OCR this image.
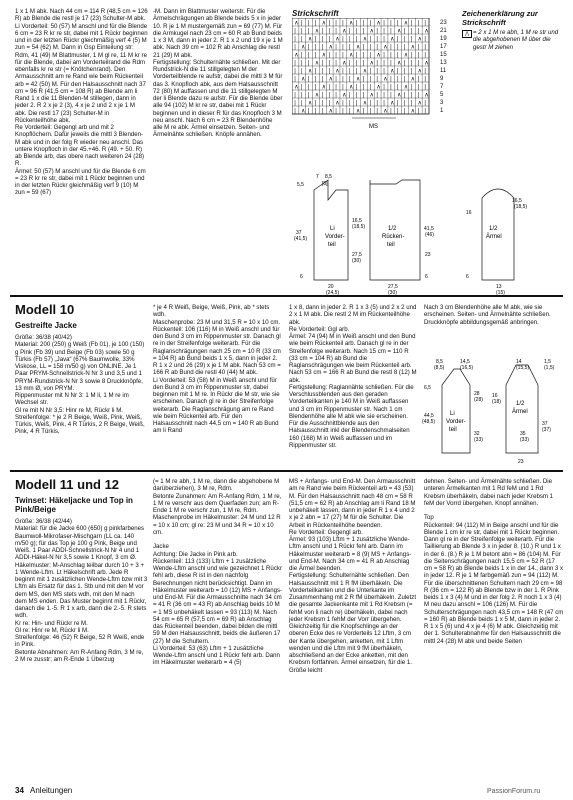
1 x 1 M abk. Nach 44 cm = 114 R (48,5 cm = 126 R) ab Blende die restl je 17 (23) Schulter-M abk.
Li Vorderteil: 50 (57) M anschl und für die Blende 6 cm = 23 R kr re str, dabei mit 1 Rückr beginnen und in der letzten Rückr gleichmäßig verf 4 (5) M zun = 54 (62) M. Dann in Gsp Einteilung str: Rdm, 41 (49) M Blattmuster, 1 M gl re, 11 M kr re für die Blende, dabei am Vorderteilrand die Rdm ebenfalls kr re str (= Knötchenrand). Den Armausschnitt am re Rand wie beim Rückenteil arb = 42 (50) M. Für den Halsausschnitt nach 37 cm = 96 R (41,5 cm = 108 R) ab Blende am li Rand 1 x die 11 Blenden-M stillegen, dann in jeder 2. R 2 x je 2 (3), 4 x je 2 und 2 x je 1 M abk. Die restl 17 (23) Schulter-M in Rückenteilhöhe abk.
Re Vorderteil: Gegengl arb und mit 2 Knopflöchern. Dafür jeweils die mittl 3 Blenden-M abk und in der folg R wieder neu anschl. Das untere Knopfloch in der 45.+46. R (49. + 50. R) ab Blende arb, das obere nach weiteren 24 (28) R.
Ärmel: 50 (57) M anschl und für die Blende 6 cm = 23 R kr re str, dabei mit 1 Rückr beginnen und in der letzten Rückr gleichmäßig verf 9 (10) M zun = 59 (67)
-M. Dann im Blattmuster weiterstr. Für die Ärmelschrägungen ab Blende beids 5 x in jeder 10. R je 1 M mustergemäß zun = 69 (77) M. Für die Armkugel nach 23 cm = 60 R ab Bund beids 1 x 3 M, dann in jeder 2. R 1 x 2 und 19 x je 1 M abk. Nach 39 cm = 102 R ab Anschlag die restl 21 (29) M abk.
Fertigstellung: Schulternähte schließen. Mit der Rundstrick-N die 11 stillgelegten M der Vorderteilblende re aufstr, dabei die mittl 3 M für das 3. Knopfloch abk, aus dem Halsausschnitt 72 (80) M auffassen und die 11 stillgelegten M der li Blende dazu re aufstr. Für die Blende über alle 94 (102) M kr re str, dabei mit 1 Rückr beginnen und in dieser R für das Knopfloch 3 M neu anschl. Nach 6 cm = 23 R Blendenhöhe alle M re abk. Ärmel einsetzen. Seiten- und Ärmelnähte schließen. Knöpfe annähen.
Strickschrift
∧ | | | ∧ | | | ∧ | | | ∧ | | | ∧ | | |
| | | ∧ | | | ∧ | | | ∧ | | | ∧ | | | ∧
| | ∧ | | | ∧ | | | ∧ | | | ∧ | | | ∧ |
| ∧ | | | ∧ | | | ∧ | | | ∧ | | | ∧ | |
∧ | | | ∧ | | | ∧ | | | ∧ | | | ∧ | | |
| | | ∧ | | | ∧ | | | ∧ | | | ∧ | | | ∧
| | ∧ | | | ∧ | | | ∧ | | | ∧ | | | ∧ |
| ∧ | | | ∧ | | | ∧ | | | ∧ | | | ∧ | |
∧ | | | ∧ | | | ∧ | | | ∧ | | | ∧ | | |
| | | ∧ | | | ∧ | | | ∧ | | | ∧ | | | ∧
| | ∧ | | | ∧ | | | ∧ | | | ∧ | | | ∧ |
| ∧ | | | ∧ | | | ∧ | | | ∧ | | | ∧ | |
MS
23
21
19
17
15
13
11
9
7
5
3
1
Zeichenerklärung zur Strickschrift
⋀ = 2 x 1 M re abh, 1 M re str und die abgehobenen M über die gestr M ziehen
Li
Vorder-
teil
1/2
Rücken-
teil
5,5
7 8,5
[8]
16,5
(18,5)
27,5
(30)
37
(41,5)
6
20
(24,5)
27,5
(30)
41,5
(46)
23
6
1/2
Ärmel
16,5
(18,5)
16
6
13
(15)
Modell 10
Gestreifte Jacke
Größe: 36/38 (40/42)
Material: 200 (250) g Weiß (Fb 01), je 100 (150) g Pink (Fb 39) und Beige (Fb 03) sowie 50 g Türkis (Fb 57) „Java“ (67% Baumwolle, 33% Viskose, LL = 158 m/50 g) von ONLINE. Je 1 Paar PRYM-Schnellstrick-N Nr 3 und 3,5 und 1 PRYM-Rundstrick-N Nr 3 sowie 8 Druckknöpfe, 13 mm Ø, von PRYM.
Rippenmuster mit N Nr 3: 1 M li, 1 M re im Wechsel str.
Gl re mit N Nr 3,5: Hinr re M, Rückr li M.
Streifenfolge: * je 2 R Beige, Weiß, Pink, Weiß, Türkis, Weiß, Pink, 4 R Türkis, 2 R Beige, Weiß, Pink, 4 R Türkis,
* je 4 R Weiß, Beige, Weiß, Pink, ab * stets wdh.
Maschenprobe: 23 M und 31,5 R = 10 x 10 cm.
Rückenteil: 106 (116) M in Weiß anschl und für den Bund 3 cm im Rippenmuster str. Danach gl re in der Streifenfolge weiterarb. Für die Raglanschrägungen nach 25 cm = 10 R (33 cm = 104 R) ab Bund beids 1 x 5, dann in jeder 2. R 1 x 2 und 26 (29) x je 1 M abk. Nach 53 cm = 166 R ab Bund die restl 40 (44) M abk.
Li Vorderteil: 53 (58) M in Weiß anschl und für den Bund 3 cm im Rippenmuster str, dabei beginnen mit 1 M re. In Rückr die M str, wie sie erscheinen. Danach gl re in der Streifenfolge weiterarb. Die Raglanschrägung am re Rand wie beim Rückenteil arb. Für den Halsausschnitt nach 44,5 cm = 140 R ab Bund am li Rand
1 x 8, dann in jeder 2. R 1 x 3 (5) und 2 x 2 und 2 x 1 M abk. Die restl 2 M im Rückenteilhöhe abk.
Re Vorderteil: Ggl arb.
Ärmel: 74 (94) M in Weiß anschl und den Bund wie beim Rückenteil arb. Danach gl re in der Streifenfolge weiterarb. Nach 15 cm = 110 R (33 cm = 104 R) ab Bund die Raglanschrägungen wie beim Rückenteil arb. Nach 53 cm = 166 R ab Bund die restl 8 (12) M abk.
Fertigstellung: Raglannähte schließen. Für die Verschlussblenden aus den geraden Vorderteilkanten je 140 M in Weiß auffassen und 3 cm im Rippenmuster str. Nach 1 cm Blendenhöhe alle M abk wie sie erscheinen. Für die Ausschnittblende aus den Halsausschnitt inkl der Blendenschmalseiten 160 (168) M in Weiß auffassen und im Rippenmuster str.
Nach 3 cm Blendenhöhe alle M abk, wie sie erscheinen. Seiten- und Ärmelnähte schließen. Druckknöpfe abbildungsgemäß anbringen.
Li
Vorder-
teil
1/2
Ärmel
8,5
(8,5)
14,5
(16,5)
1,5
14
(15,5)	(1,5)
6,5
28
(28)
44,5
(48,5)
16
(18)
32
(33)
37
(37)
23
35
(33)
Modell 11 und 12
Twinset: Häkeljacke und Top in Pink/Beige
Größe: 36/38 (42/44)
Material: für die Jacke 600 (650) g pinkfarbenes Baumwoll-Mikrofaser-Mischgarn (LL ca. 140 m/50 g); für das Top je 100 g Pink, Beige und Weiß. 1 Paar ADDI-Schnellstrick-N Nr 4 und 1 ADDI-Häkel-N Nr 3,5 sowie 1 Knopf, 3 cm Ø.
Häkelmuster: M-Anschlag teilbar durch 10 + 3 + 1 Wende-Lftm. Lt Häkelschrift arb. Jede R beginnt mit 1 zusätzlichen Wende-Lftm bzw mit 3 Lftm als Ersatz für das 1. Stb und mit den M vor dem MS, den MS stets wdh, mit den M nach dem MS enden. Das Muster beginnt mit 1 Rückr, danach die 1.-5. R 1 x arb, dann die 2.-5. R stets wdh.
Kr re: Hin- und Rückr re M.
Gl re: Hinr re M, Rückr li M.
Streifenfolge: 46 (52) R Beige, 52 R Weiß, ende in Pink.
Betonte Abnahmen: Am R-Anfang Rdm, 3 M re, 2 M re zusstr; am R-Ende 1 Überzug
(= 1 M re abh, 1 M re, dann die abgehobene M darüberziehen), 3 M re, Rdm.
Betonte Zunahmen: Am R-Anfang Rdm, 1 M re, 1 M re verschr aus dem Querfaden zun; am R-Ende 1 M re verschr zun, 1 M re, Rdm.
Maschenprobe im Häkelmuster: 24 M und 12 R = 10 x 10 cm; gl re: 23 M und 34 R = 10 x 10 cm.

Jacke
Achtung: Die Jacke in Pink arb.
Rückenteil: 113 (133) Lftm + 1 zusätzliche Wende-Lftm anschl und wie gezeichnet 1 Rückr fehl arb, diese R ist in den nachfolg Berechnungen nicht berücksichtigt. Dann im Häkelmuster weiterarb = 10 (12) MS + Anfangs- und End-M. Für die Armausschnitte nach 34 cm = 41 R (36 cm = 43 R) ab Anschlag beids 10 M = 1 MS unbehäkelt lassen = 93 (113) M. Nach 54 cm = 65 R (57,5 cm = 69 R) ab Anschlag das Rückenteil beenden, dabei bilden die mittl 59 M den Halsausschnitt, beids die äußeren 17 (27) M die Schultern.
Li Vorderteil: 53 (63) Lftm + 1 zusätzliche Wende-Lftm anschl und 1 Rückr fehl arb. Dann im Häkelmuster weiterarb = 4 (5)
MS + Anfangs- und End-M. Den Armausschnitt am re Rand wie beim Rückenteil arb = 43 (53) M. Für den Halsausschnitt nach 48 cm = 58 R (51,5 cm = 62 R) ab Anschlag am li Rand 18 M unbehäkelt lassen, dann in jeder R 1 x 4 und 2 x je 2 abn = 17 (27) M für die Schulter. Die Arbeit in Rückenteilhöhe beenden.
Re Vorderteil: Gegengl arb.
Ärmel: 93 (103) Lftm + 1 zusätzliche Wende-Lftm anschl und 1 Rückr fehl arb. Dann im Häkelmuster weiterarb = 8 (9) MS + Anfangs- und End-M. Nach 34 cm = 41 R ab Anschlag die Ärmel beenden.
Fertigstellung: Schulternähte schließen. Den Halsausschnitt mit 1 R fM überhäkeln. Die Vorderteilkanten und die Unterkante im Zusammenhang mit 2 R fM überhäkeln. Zuletzt die gesamte Jackenkante mit 1 Rd Krebsm (= fehM von li nach re) überhäkeln, dabei nach jeder Krebsm 1 fehM der Vorr übergehen. Gleichzeitig für die Knopfschlinge an der oberen Ecke des re Vorderteils 12 Lftm, 3 cm der Kante übergehen, anketten, mit 1 Lftm wenden und die Lftm mit 9 fM überhäkeln, abschließend an der Ecke anketten, mit den Krebsm fortfahren. Ärmel einsetzen, für die 1. Größe leicht
dehnen. Seiten- und Ärmelnähte schließen. Die unteren Ärmelkanten mit 1 Rd feM und 1 Rd Krebsm überhäkeln, dabei nach jeder Krebsm 1 feM der Vorrd übergehen. Knopf annähen.

Top
Rückenteil: 94 (112) M in Beige anschl und für die Blende 1 cm kr re str, dabei mit 1 Rückr beginnen. Dann gl re in der Streifenfolge weiterarb. Für die Taillierung ab Blende 3 x in jeder 8. (10.) R und 1 x in der 6. (8.) R je 1 M betont abn = 86 (104) M. Für die Seitenschrägungen nach 15,5 cm = 52 R (17 cm = 58 R) ab Blende beids 1 x in der 14., dann 3 x in jeder 12. R je 1 M farbgemäß zun = 94 (112) M. Für die überschnittenen Schultern nach 29 cm = 98 R (36 cm = 122 R) ab Blende bzw in der 1. R Pink beids 1 x 3 (4) M und in der folg 2. R noch 1 x 3 (4) M neu dazu anschl = 106 (126) M. Für die Schulterschrägungen nach 43,5 cm = 148 R (47 cm = 160 R) ab Blende beids 1 x 5 M, dann in jeder 2. R 1 x 5 (6) und 4 x je 4 (6) M abk. Gleichzeitig mit der 1. Schulterabnahme für den Halsausschnitt die mittl 24 (28) M abk und beide Seiten
34 Anleitungen	PassionForum.ru
